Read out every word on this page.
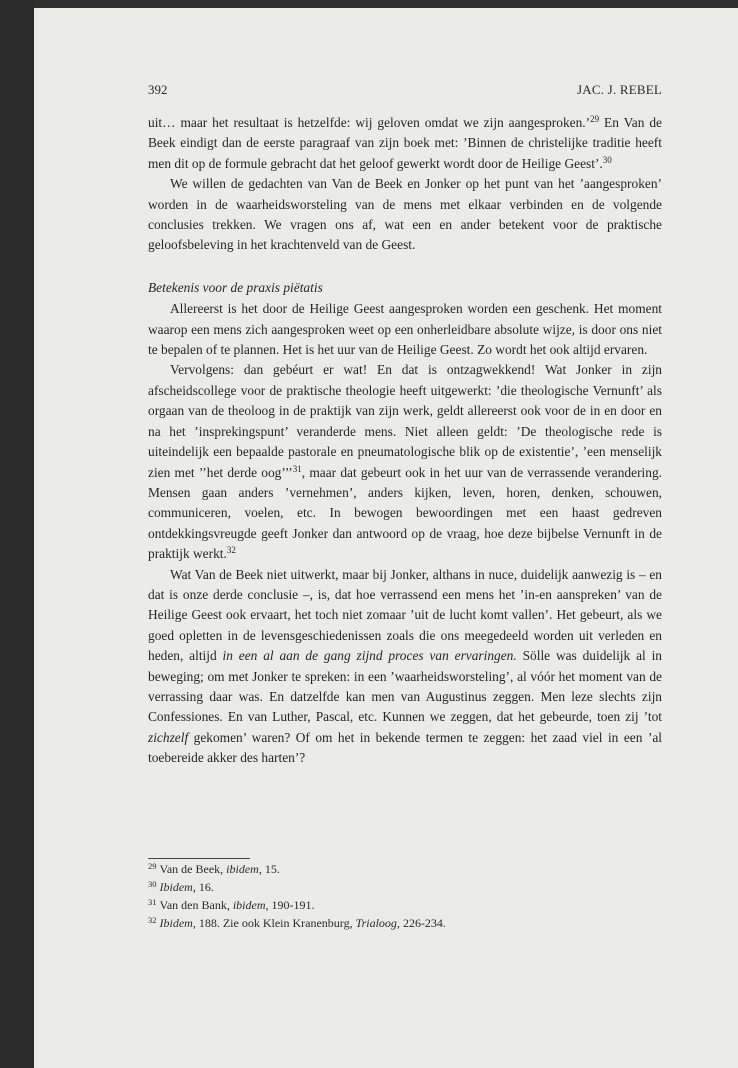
392	JAC. J. REBEL

uit… maar het resultaat is hetzelfde: wij geloven omdat we zijn aangesproken.’$^{29}$ En Van de Beek eindigt dan de eerste paragraaf van zijn boek met: ’Binnen de christelijke traditie heeft men dit op de formule gebracht dat het geloof gewerkt wordt door de Heilige Geest’.$^{30}$

We willen de gedachten van Van de Beek en Jonker op het punt van het ’aangesproken’ worden in de waarheidsworsteling van de mens met elkaar verbinden en de volgende conclusies trekken. We vragen ons af, wat een en ander betekent voor de praktische geloofsbeleving in het krachtenveld van de Geest.

Betekenis voor de praxis piëtatis

Allereerst is het door de Heilige Geest aangesproken worden een geschenk. Het moment waarop een mens zich aangesproken weet op een onherleidbare absolute wijze, is door ons niet te bepalen of te plannen. Het is het uur van de Heilige Geest. Zo wordt het ook altijd ervaren.

Vervolgens: dan gebéurt er wat! En dat is ontzagwekkend! Wat Jonker in zijn afscheidscollege voor de praktische theologie heeft uitgewerkt: ’die theologische Vernunft’ als orgaan van de theoloog in de praktijk van zijn werk, geldt allereerst ook voor de in en door en na het ’insprekingspunt’ veranderde mens. Niet alleen geldt: ’De theologische rede is uiteindelijk een bepaalde pastorale en pneumatologische blik op de existentie’, ’een menselijk zien met ’’het derde oog’’’$^{31}$, maar dat gebeurt ook in het uur van de verrassende verandering. Mensen gaan anders ’vernehmen’, anders kijken, leven, horen, denken, schouwen, communiceren, voelen, etc. In bewogen bewoordingen met een haast gedreven ontdekkingsvreugde geeft Jonker dan antwoord op de vraag, hoe deze bijbelse Vernunft in de praktijk werkt.$^{32}$

Wat Van de Beek niet uitwerkt, maar bij Jonker, althans in nuce, duidelijk aanwezig is – en dat is onze derde conclusie –, is, dat hoe verrassend een mens het ’in-en aanspreken’ van de Heilige Geest ook ervaart, het toch niet zomaar ’uit de lucht komt vallen’. Het gebeurt, als we goed opletten in de levensgeschiedenissen zoals die ons meegedeeld worden uit verleden en heden, altijd in een al aan de gang zijnd proces van ervaringen. Sölle was duidelijk al in beweging; om met Jonker te spreken: in een ’waarheidsworsteling’, al vóór het moment van de verrassing daar was. En datzelfde kan men van Augustinus zeggen. Men leze slechts zijn Confessiones. En van Luther, Pascal, etc. Kunnen we zeggen, dat het gebeurde, toen zij ’tot zichzelf gekomen’ waren? Of om het in bekende termen te zeggen: het zaad viel in een ’al toebereide akker des harten’?

$^{29}$ Van de Beek, ibidem, 15.
$^{30}$ Ibidem, 16.
$^{31}$ Van den Bank, ibidem, 190-191.
$^{32}$ Ibidem, 188. Zie ook Klein Kranenburg, Trialoog, 226-234.
